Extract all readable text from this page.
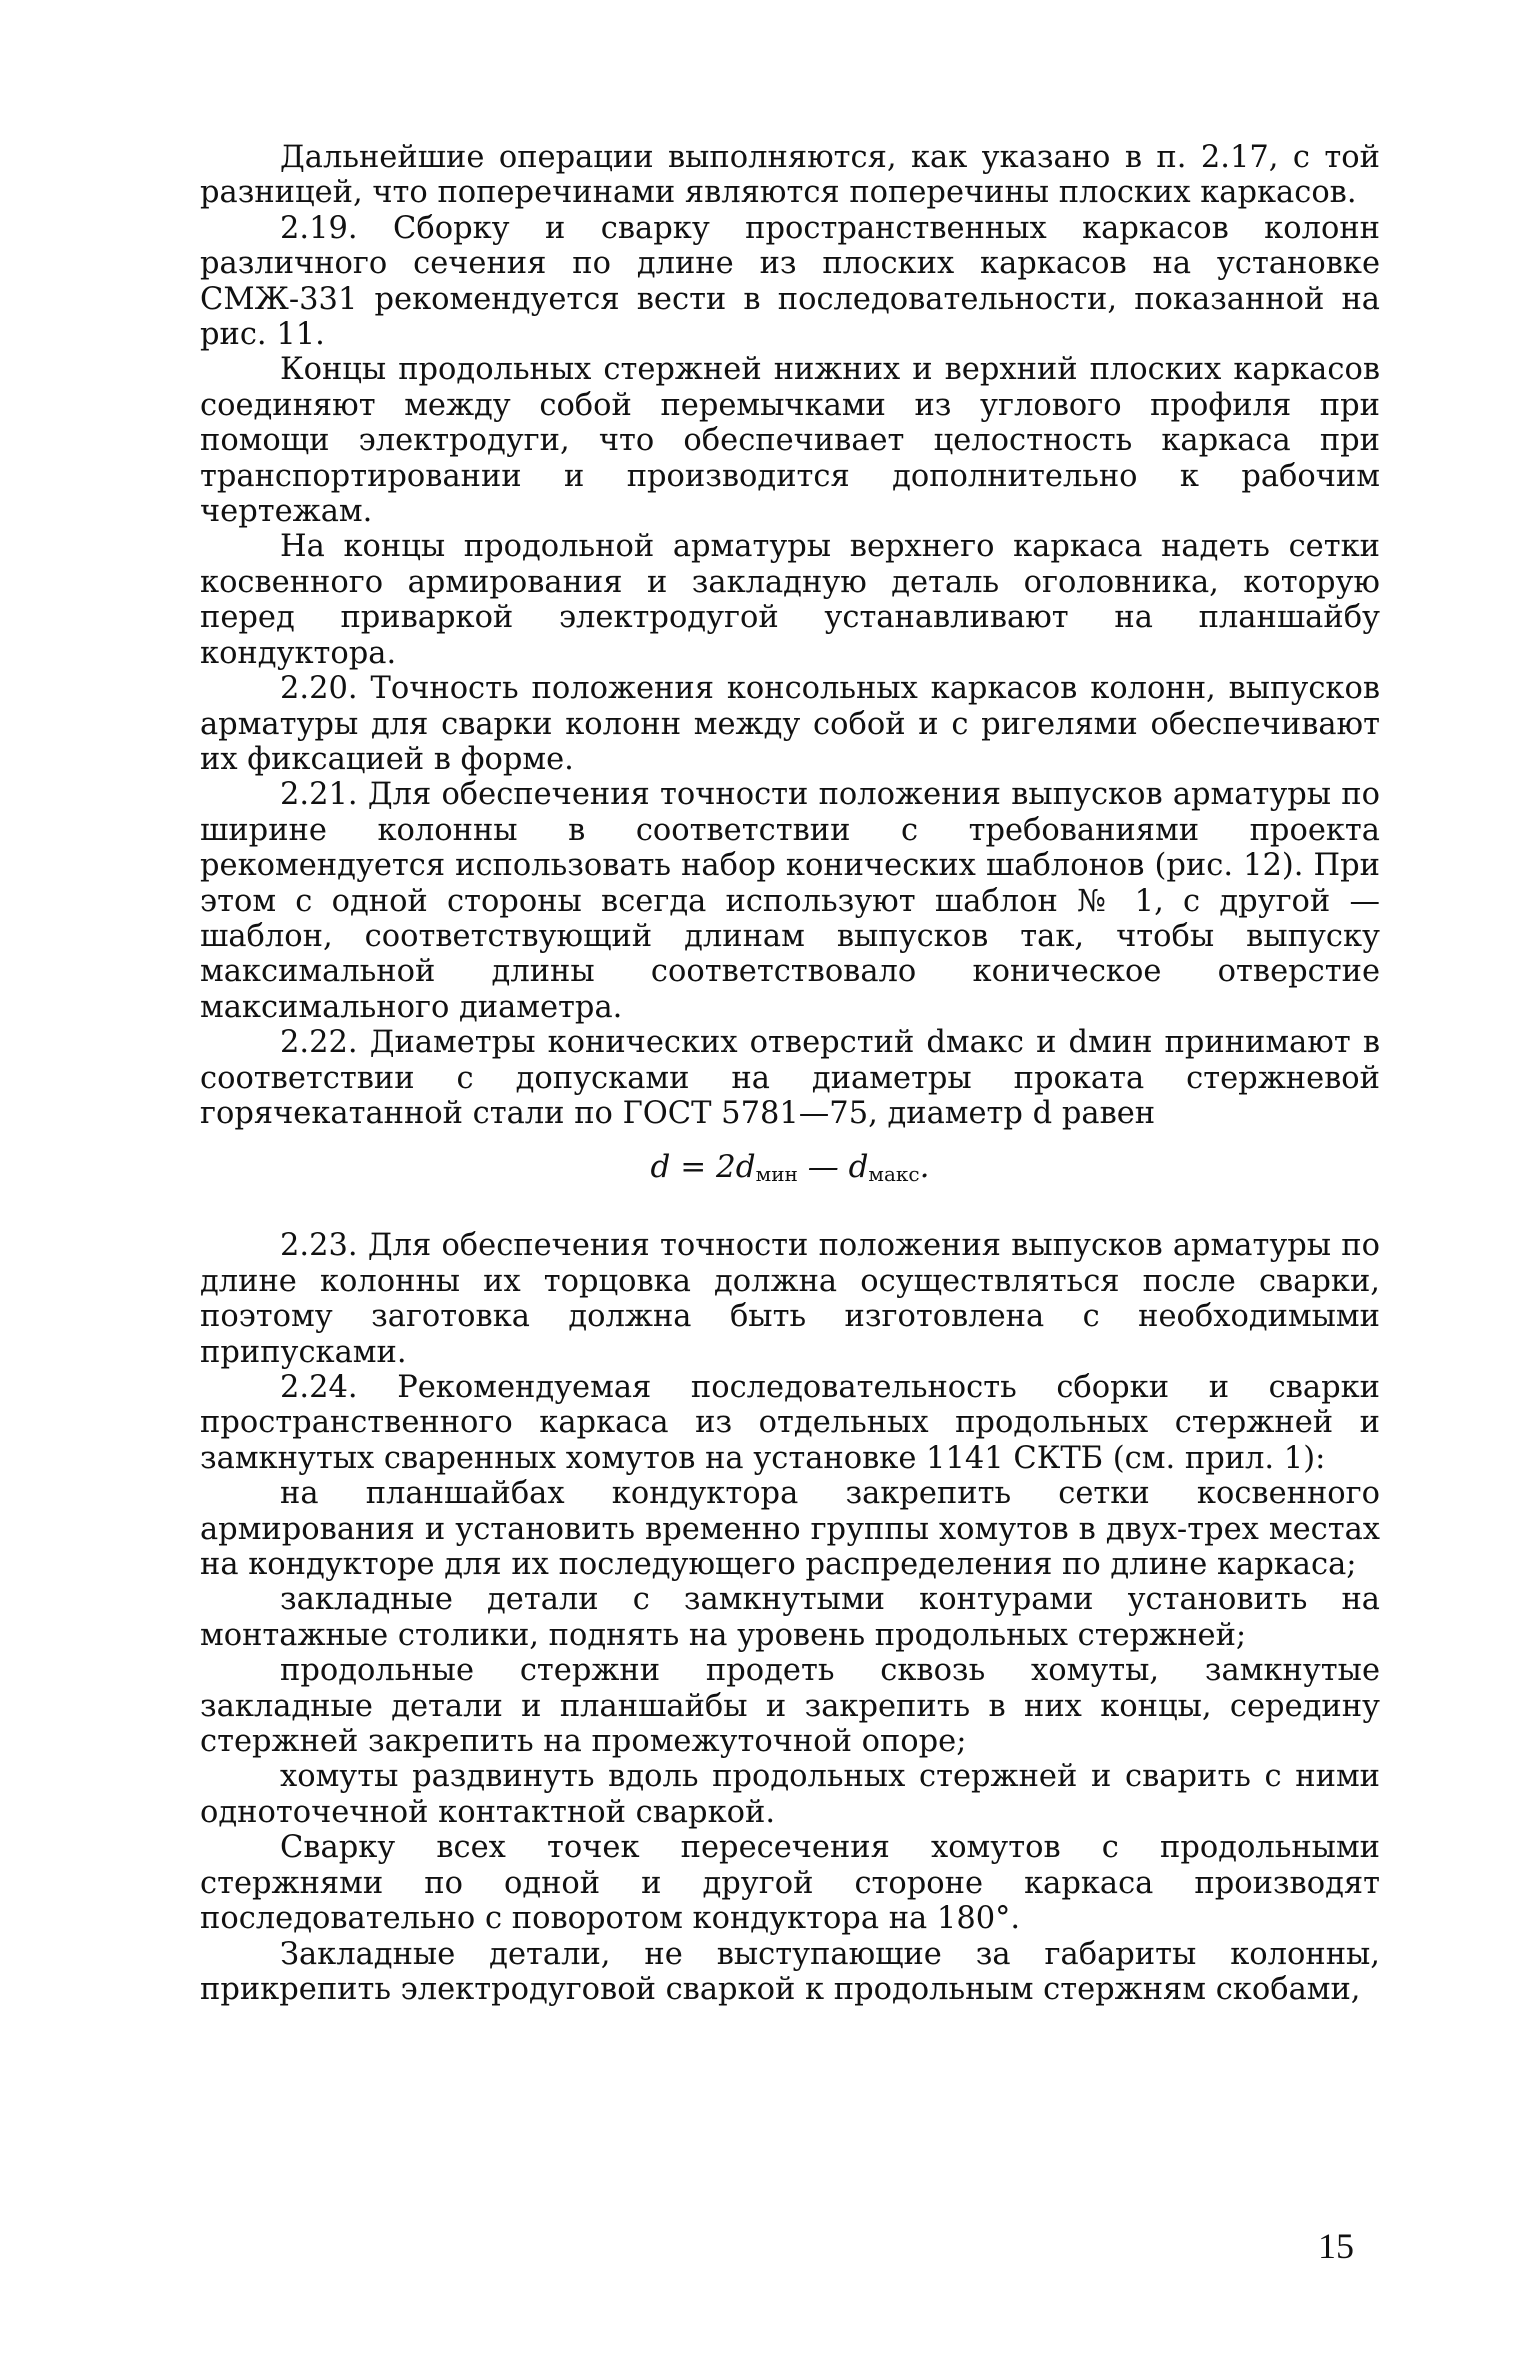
Дальнейшие операции выполняются, как указано в п. 2.17, с той разницей, что поперечинами являются поперечины плоских каркасов.

2.19. Сборку и сварку пространственных каркасов колонн различного сечения по длине из плоских каркасов на установке СМЖ-331 рекомендуется вести в последовательности, показанной на рис. 11.

Концы продольных стержней нижних и верхний плоских каркасов соединяют между собой перемычками из углового профиля при помощи электродуги, что обеспечивает целостность каркаса при транспортировании и производится дополнительно к рабочим чертежам.

На концы продольной арматуры верхнего каркаса надеть сетки косвенного армирования и закладную деталь оголовника, которую перед приваркой электродугой устанавливают на планшайбу кондуктора.

2.20. Точность положения консольных каркасов колонн, выпусков арматуры для сварки колонн между собой и с ригелями обеспечивают их фиксацией в форме.

2.21. Для обеспечения точности положения выпусков арматуры по ширине колонны в соответствии с требованиями проекта рекомендуется использовать набор конических шаблонов (рис. 12). При этом с одной стороны всегда используют шаблон № 1, с другой — шаблон, соответствующий длинам выпусков так, чтобы выпуску максимальной длины соответствовало коническое отверстие максимального диаметра.

2.22. Диаметры конических отверстий dмакс и dмин принимают в соответствии с допусками на диаметры проката стержневой горячекатанной стали по ГОСТ 5781—75, диаметр d равен

$d = 2d_{мин}$ — $d_{макс}$.

2.23. Для обеспечения точности положения выпусков арматуры по длине колонны их торцовка должна осуществляться после сварки, поэтому заготовка должна быть изготовлена с необходимыми припусками.

2.24. Рекомендуемая последовательность сборки и сварки пространственного каркаса из отдельных продольных стержней и замкнутых сваренных хомутов на установке 1141 СКТБ (см. прил. 1):

на планшайбах кондуктора закрепить сетки косвенного армирования и установить временно группы хомутов в двух-трех местах на кондукторе для их последующего распределения по длине каркаса;

закладные детали с замкнутыми контурами установить на монтажные столики, поднять на уровень продольных стержней;

продольные стержни продеть сквозь хомуты, замкнутые закладные детали и планшайбы и закрепить в них концы, середину стержней закрепить на промежуточной опоре;

хомуты раздвинуть вдоль продольных стержней и сварить с ними одноточечной контактной сваркой.

Сварку всех точек пересечения хомутов с продольными стержнями по одной и другой стороне каркаса производят последовательно с поворотом кондуктора на 180°.

Закладные детали, не выступающие за габариты колонны, прикрепить электродуговой сваркой к продольным стержням скобами,

15
